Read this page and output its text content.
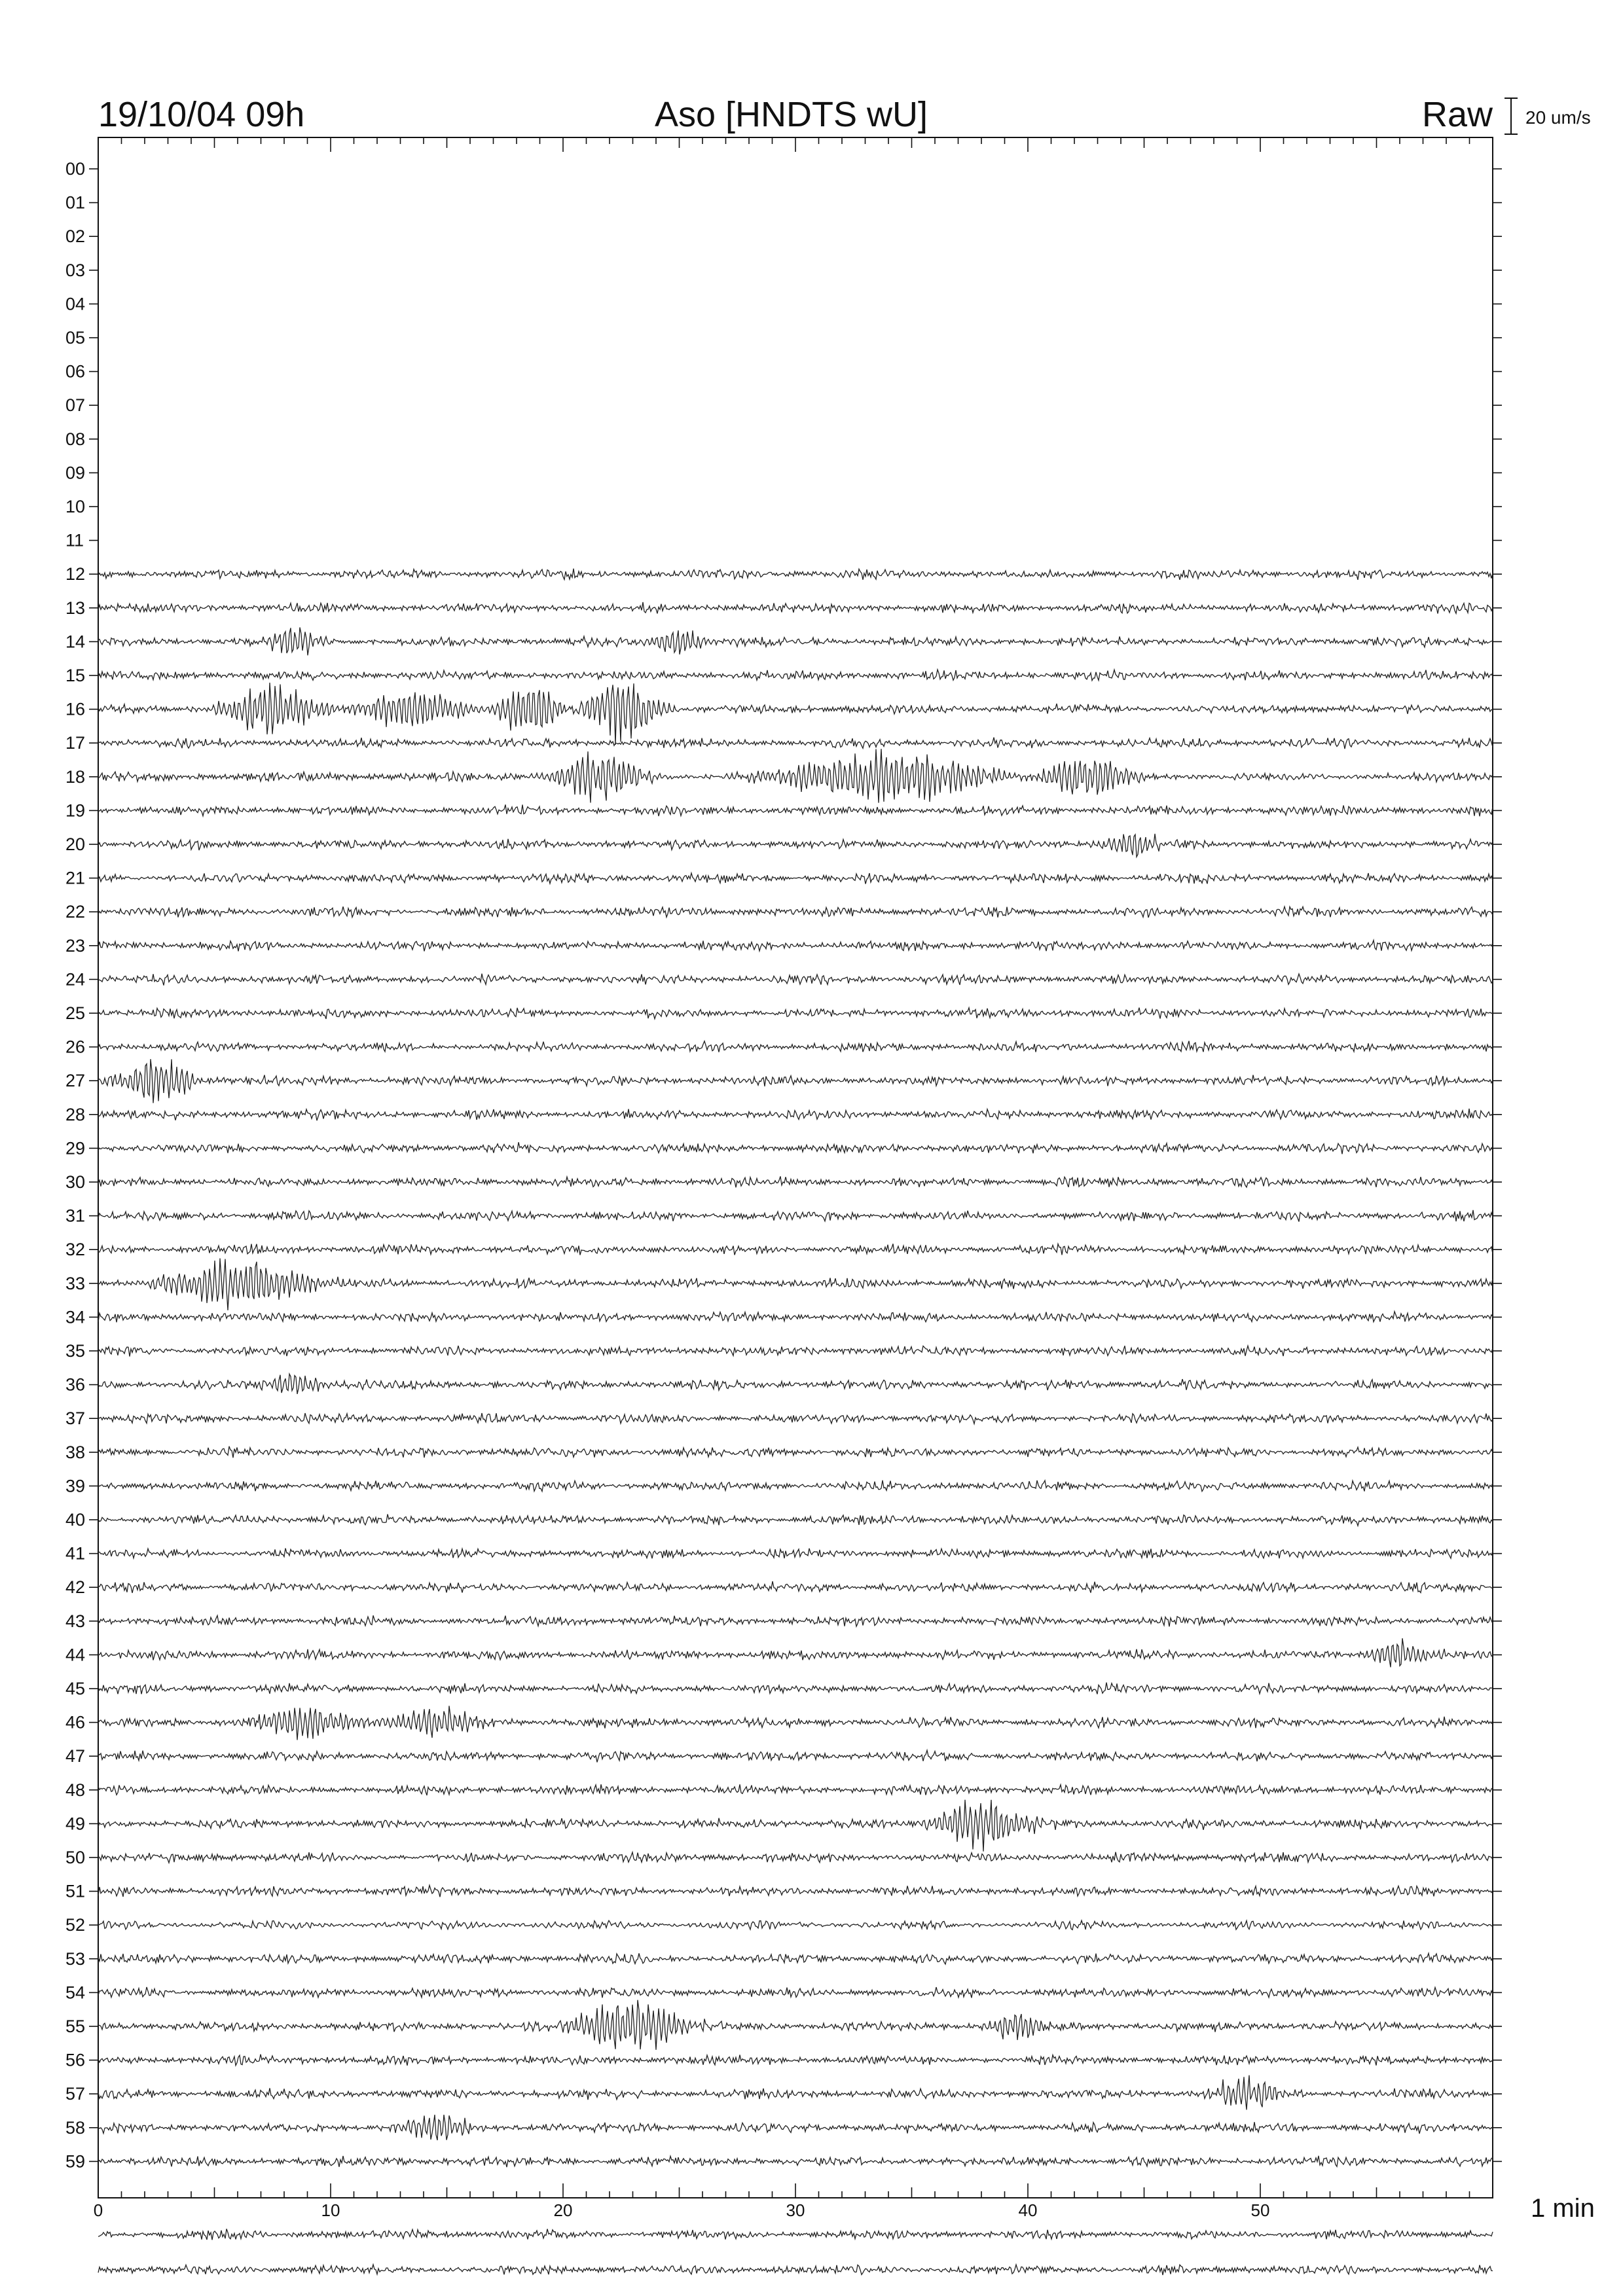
00
01
02
03
04
05
06
07
08
09
10
11
12
13
14
15
16
17
18
19
20
21
22
23
24
25
26
27
28
29
30
31
32
33
34
35
36
37
38
39
40
41
42
43
44
45
46
47
48
49
50
51
52
53
54
55
56
57
58
59
0	10	20	30	40	50
19/10/04 09h	Aso [HNDTS wU]	Raw 20 um/s
1 min
